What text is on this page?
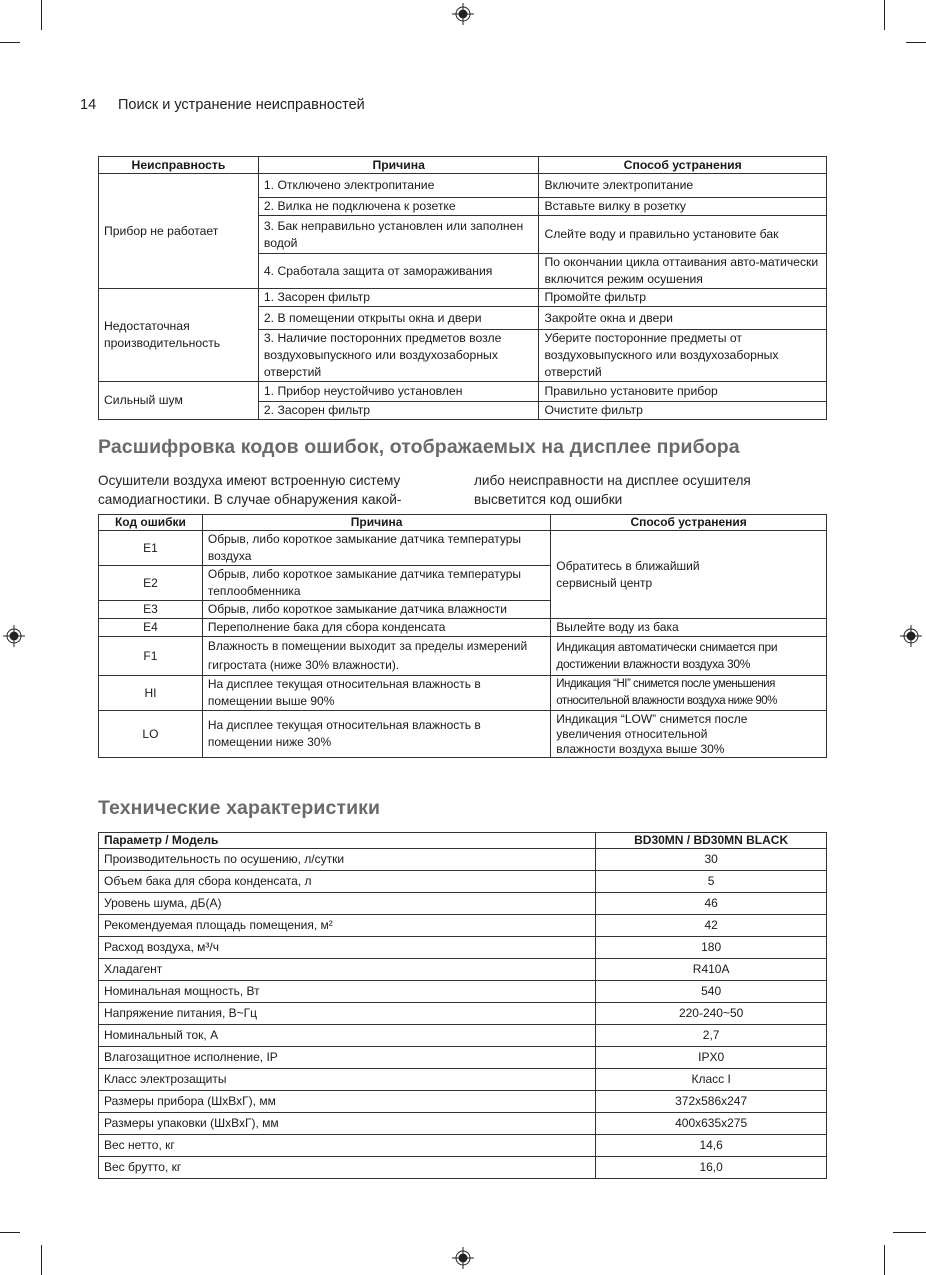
14 Поиск и устранение неисправностей
Неисправность	Причина	Способ устранения
Прибор не работает	1. Отключено электропитание	Включите электропитание
	2. Вилка не подключена к розетке	Вставьте вилку в розетку
	3. Бак неправильно установлен или заполнен водой	Слейте воду и правильно установите бак
	4. Сработала защита от замораживания	По окончании цикла оттаивания авто-матически включится режим осушения
Недостаточная производительность	1. Засорен фильтр	Промойте фильтр
	2. В помещении открыты окна и двери	Закройте окна и двери
	3. Наличие посторонних предметов возле воздуховыпускного или воздухозаборных отверстий	Уберите посторонние предметы от воздуховыпускного или воздухозаборных отверстий
Сильный шум	1. Прибор неустойчиво установлен	Правильно установите прибор
	2. Засорен фильтр	Очистите фильтр
Расшифровка кодов ошибок, отображаемых на дисплее прибора
Осушители воздуха имеют встроенную систему самодиагностики. В случае обнаружения какой-
либо неисправности на дисплее осушителя высветится код ошибки
Код ошибки	Причина	Способ устранения
E1	Обрыв, либо короткое замыкание датчика температуры воздуха	Обратитесь в ближайший сервисный центр
E2	Обрыв, либо короткое замыкание датчика температуры теплообменника	
E3	Обрыв, либо короткое замыкание датчика влажности	
E4	Переполнение бака для сбора конденсата	Вылейте воду из бака
F1	Влажность в помещении выходит за пределы измерений гигростата (ниже 30% влажности).	Индикация автоматически снимается при достижении влажности воздуха 30%
HI	На дисплее текущая относительная влажность в помещении выше 90%	Индикация “HI” снимется после уменьшения относительной влажности воздуха ниже 90%
LO	На дисплее текущая относительная влажность в помещении ниже 30%	Индикация “LOW” снимется после увеличения относительной влажности воздуха выше 30%
Технические характеристики
Параметр / Модель	BD30MN / BD30MN BLACK
Производительность по осушению, л/сутки	30
Объем бака для сбора конденсата, л	5
Уровень шума, дБ(А)	46
Рекомендуемая площадь помещения, м²	42
Расход воздуха, м³/ч	180
Хладагент	R410A
Номинальная мощность, Вт	540
Напряжение питания, В~Гц	220-240~50
Номинальный ток, А	2,7
Влагозащитное исполнение, IP	IPX0
Класс электрозащиты	Класс I
Размеры прибора (ШхВхГ), мм	372x586x247
Размеры упаковки (ШхВхГ), мм	400x635x275
Вес нетто, кг	14,6
Вес брутто, кг	16,0
